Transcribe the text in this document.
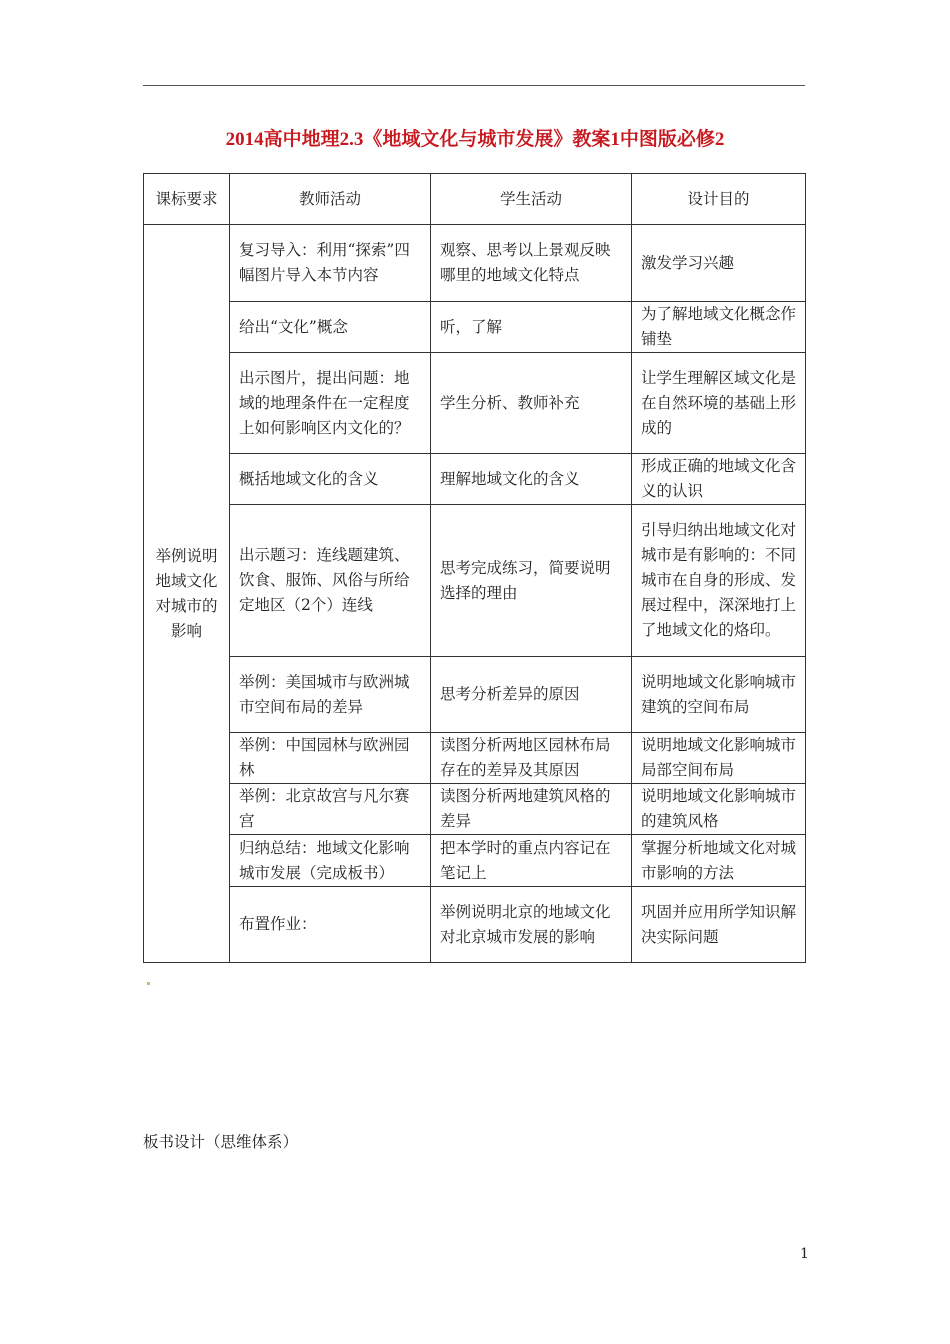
2014高中地理2.3《地域文化与城市发展》教案1中图版必修2
课标要求	教师活动	学生活动	设计目的
举例说明地域文化对城市的影响	复习导入：利用“探索”四幅图片导入本节内容	观察、思考以上景观反映哪里的地域文化特点	激发学习兴趣
	给出“文化”概念	听，了解	为了解地域文化概念作铺垫
	出示图片，提出问题：地域的地理条件在一定程度上如何影响区内文化的？	学生分析、教师补充	让学生理解区域文化是在自然环境的基础上形成的
	概括地域文化的含义	理解地域文化的含义	形成正确的地域文化含义的认识
	出示题习：连线题建筑、饮食、服饰、风俗与所给定地区（2个）连线	思考完成练习，简要说明选择的理由	引导归纳出地域文化对城市是有影响的：不同城市在自身的形成、发展过程中，深深地打上了地域文化的烙印。
	举例：美国城市与欧洲城市空间布局的差异	思考分析差异的原因	说明地域文化影响城市建筑的空间布局
	举例：中国园林与欧洲园林	读图分析两地区园林布局存在的差异及其原因	说明地域文化影响城市局部空间布局
	举例：北京故宫与凡尔赛宫	读图分析两地建筑风格的差异	说明地域文化影响城市的建筑风格
	归纳总结：地域文化影响城市发展（完成板书）	把本学时的重点内容记在笔记上	掌握分析地域文化对城市影响的方法
	布置作业：	举例说明北京的地域文化对北京城市发展的影响	巩固并应用所学知识解决实际问题
板书设计（思维体系）
1
